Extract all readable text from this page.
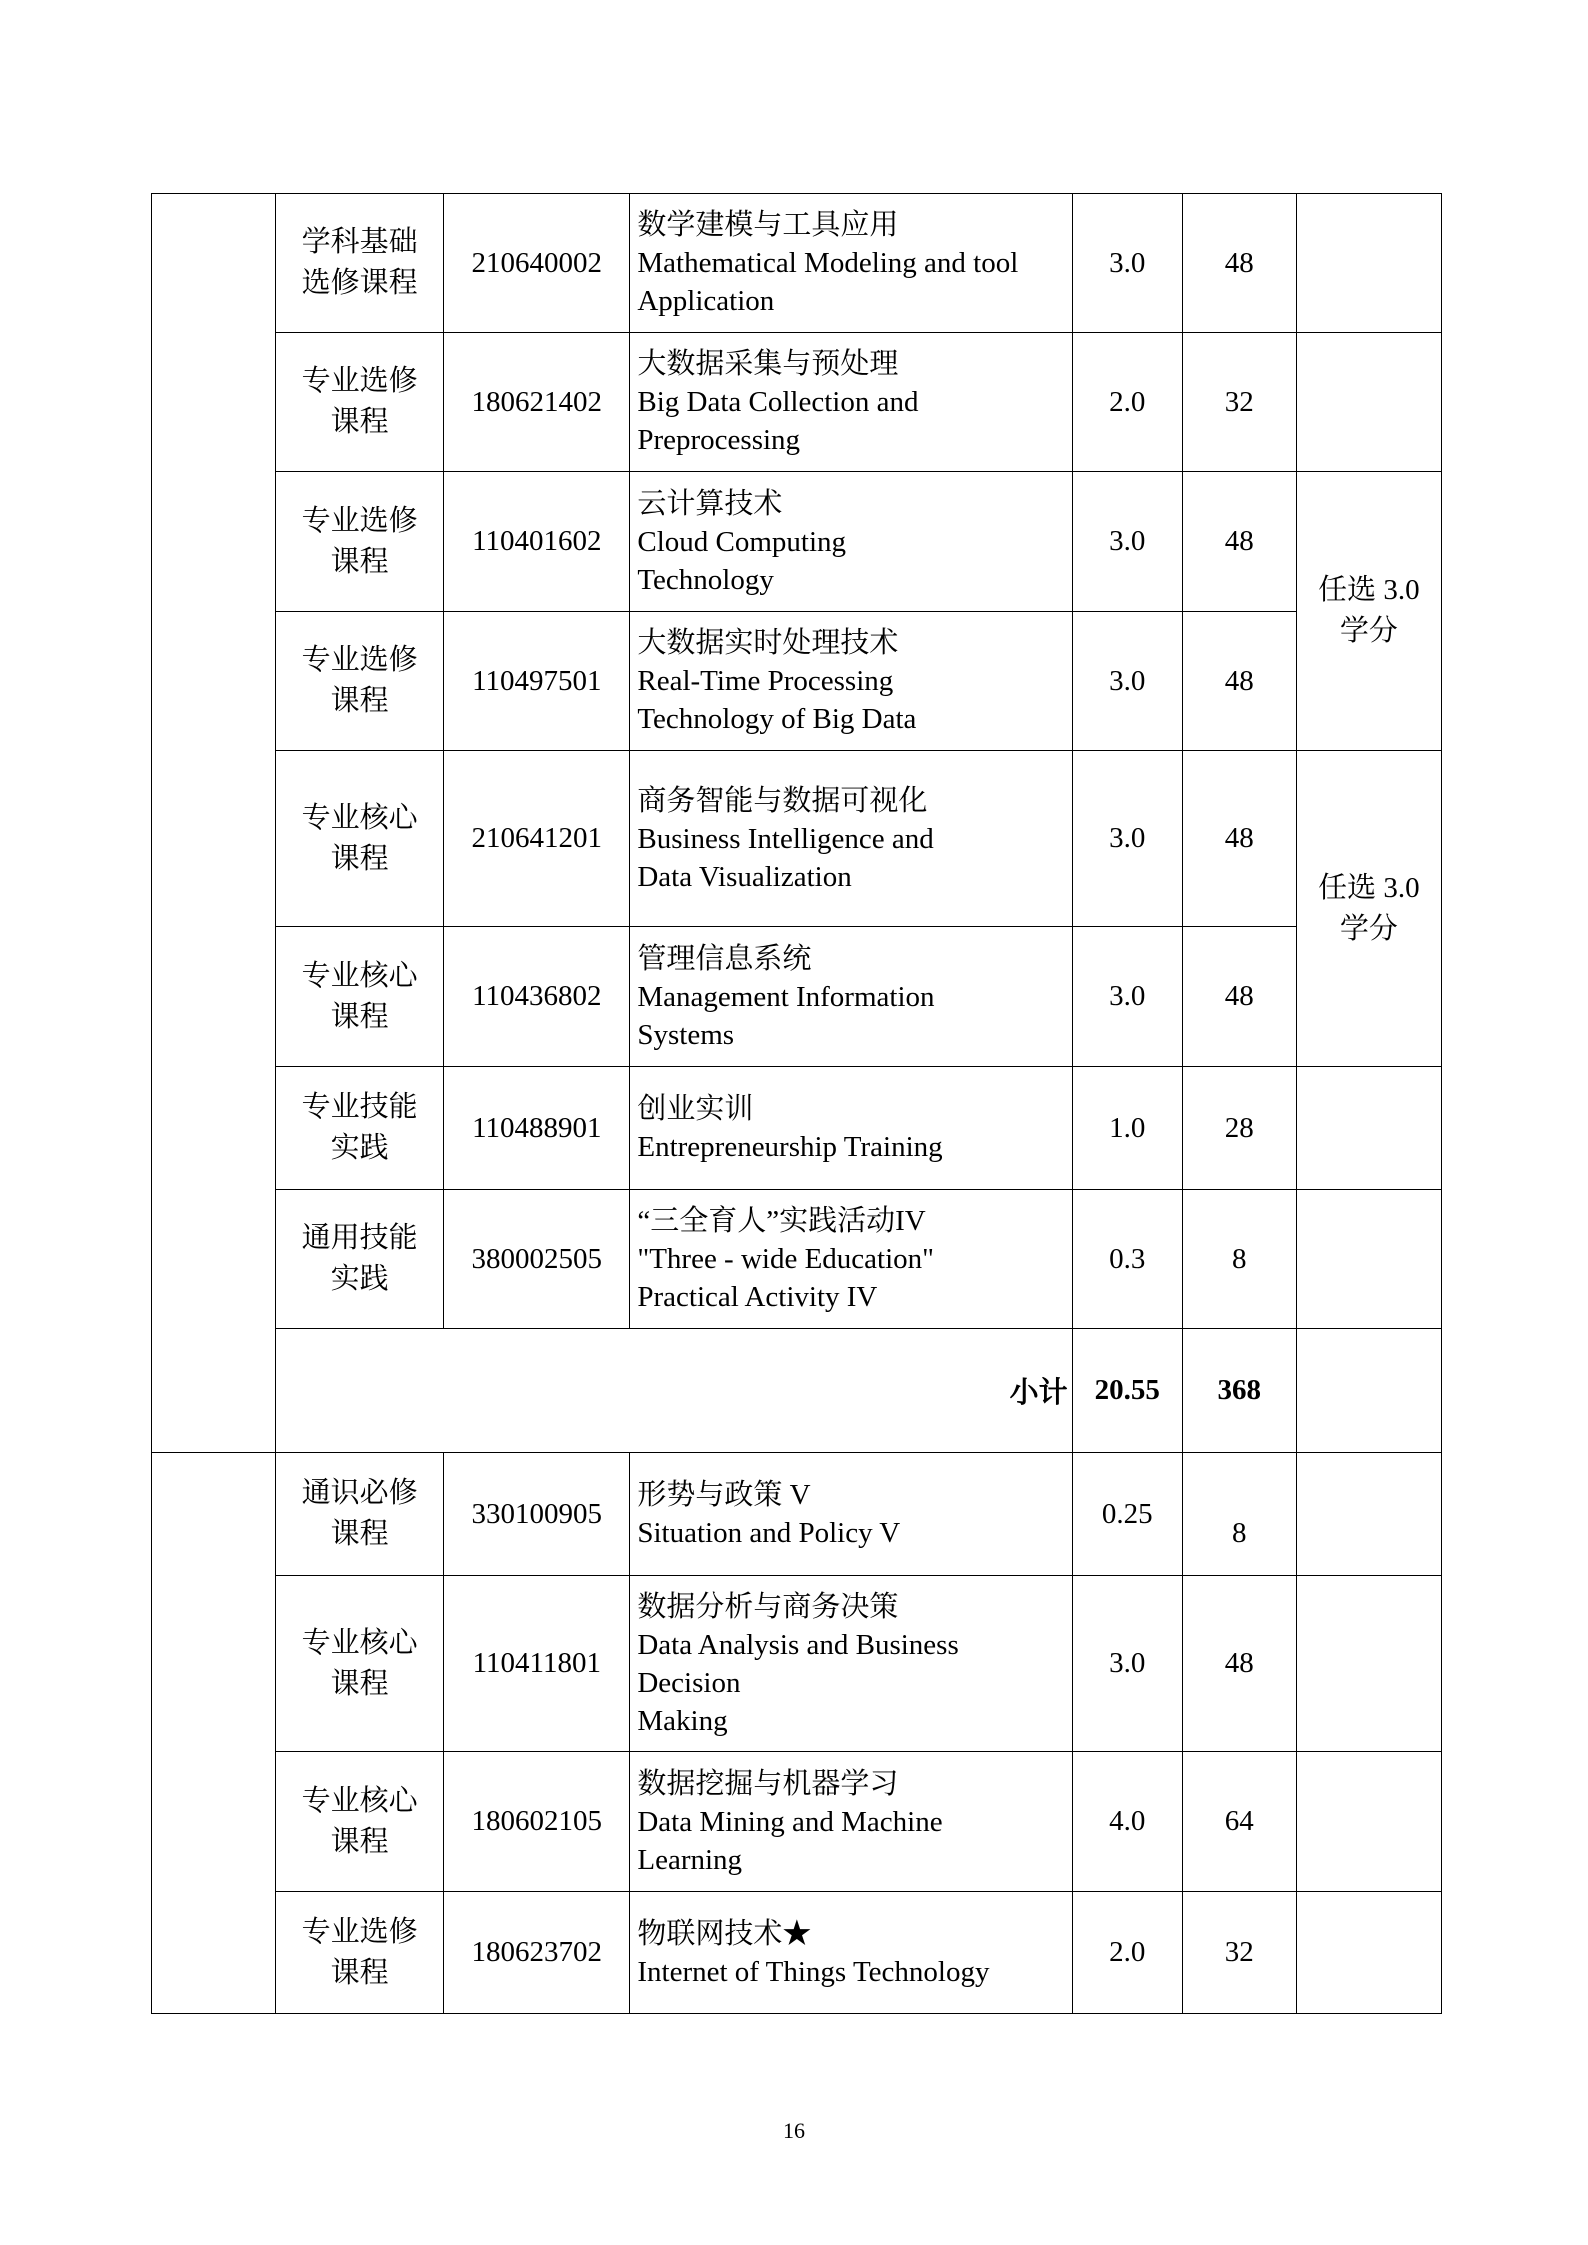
	学科基础
选修课程	210640002	数学建模与工具应用
Mathematical Modeling and tool
Application	3.0	48	

	专业选修
课程	180621402	大数据采集与预处理
Big Data Collection and
Preprocessing	2.0	32	

	专业选修
课程	110401602	云计算技术
Cloud Computing
Technology	3.0	48	任选 3.0
学分

	专业选修
课程	110497501	大数据实时处理技术
Real-Time Processing
Technology of Big Data	3.0	48	

	专业核心
课程	210641201	商务智能与数据可视化
Business Intelligence and
Data Visualization	3.0	48	任选 3.0
学分

	专业核心
课程	110436802	管理信息系统
Management Information
Systems	3.0	48	

	专业技能
实践	110488901	创业实训
Entrepreneurship Training	1.0	28	

	通用技能
实践	380002505	“三全育人”实践活动IV
"Three - wide Education"
Practical Activity IV	0.3	8	
	小计			20.55	368	

	通识必修
课程	330100905	形势与政策 V
Situation and Policy V	0.25	8	

	专业核心
课程	110411801	数据分析与商务决策
Data Analysis and Business
Decision
Making	3.0	48	

	专业核心
课程	180602105	数据挖掘与机器学习
Data Mining and Machine
Learning	4.0	64	

	专业选修
课程	180623702	物联网技术★
Internet of Things Technology	2.0	32	
16
